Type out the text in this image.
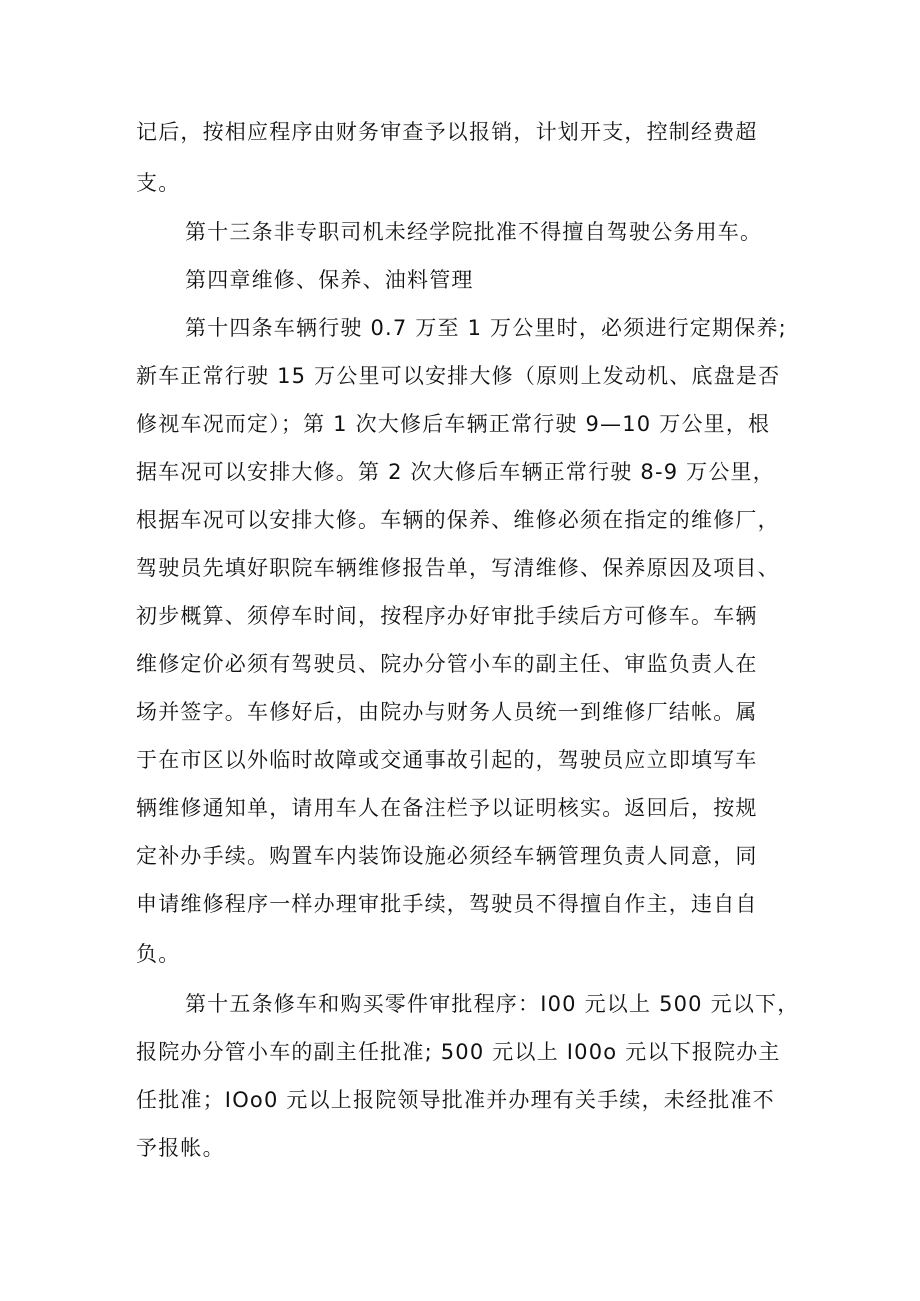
记后，按相应程序由财务审查予以报销，计划开支，控制经费超
支。
第十三条非专职司机未经学院批准不得擅自驾驶公务用车。
第四章维修、保养、油料管理
第十四条车辆行驶 0.7 万至 1 万公里时，必须进行定期保养;
新车正常行驶 15 万公里可以安排大修（原则上发动机、底盘是否
修视车况而定）；第 1 次大修后车辆正常行驶 9—10 万公里，根
据车况可以安排大修。第 2 次大修后车辆正常行驶 8-9 万公里，
根据车况可以安排大修。车辆的保养、维修必须在指定的维修厂，
驾驶员先填好职院车辆维修报告单，写清维修、保养原因及项目、
初步概算、须停车时间，按程序办好审批手续后方可修车。车辆
维修定价必须有驾驶员、院办分管小车的副主任、审监负责人在
场并签字。车修好后，由院办与财务人员统一到维修厂结帐。属
于在市区以外临时故障或交通事故引起的，驾驶员应立即填写车
辆维修通知单，请用车人在备注栏予以证明核实。返回后，按规
定补办手续。购置车内装饰设施必须经车辆管理负责人同意，同
申请维修程序一样办理审批手续，驾驶员不得擅自作主，违自自
负。
第十五条修车和购买零件审批程序：I00 元以上 500 元以下，
报院办分管小车的副主任批准; 500 元以上 I00o 元以下报院办主
任批准；IOo0 元以上报院领导批准并办理有关手续，未经批准不
予报帐。
